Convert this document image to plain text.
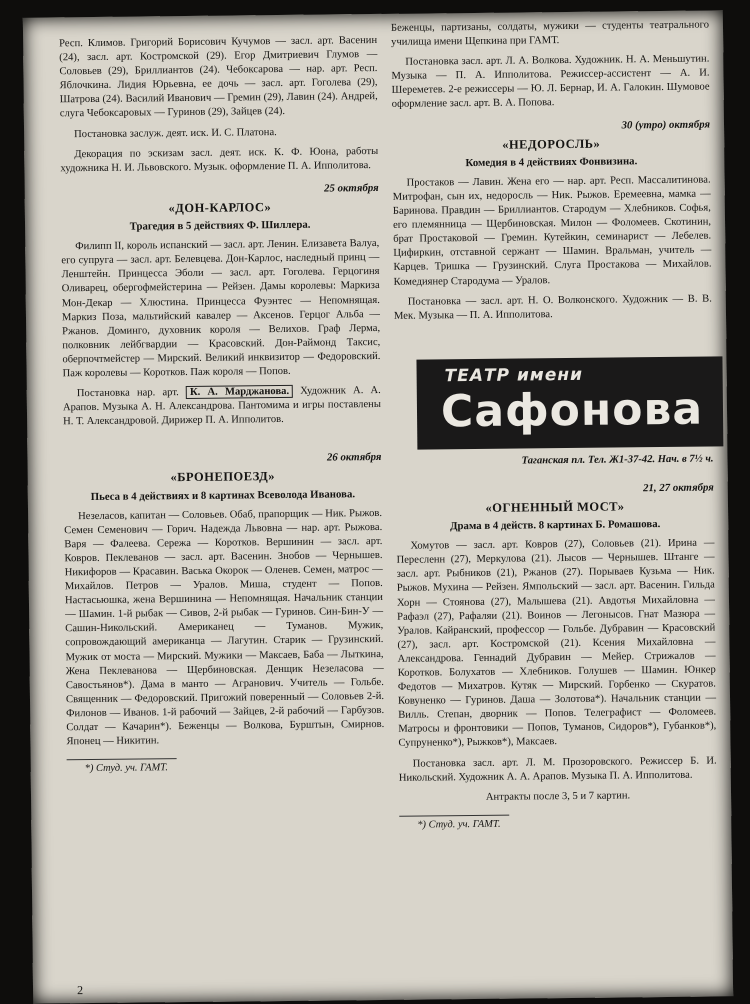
Респ. Климов. Григорий Борисович Кучумов — засл. арт. Васенин (24), засл. арт. Костромской (29). Егор Дмитриевич Глумов — Соловьев (29), Бриллиантов (24). Чебоксарова — нар. арт. Респ. Яблочкина. Лидия Юрьевна, ее дочь — засл. арт. Гоголева (29), Шатрова (24). Василий Иванович — Гремин (29), Лавин (24). Андрей, слуга Чебоксаровых — Гуринов (29), Зайцев (24).

Постановка заслуж. деят. иск. И. С. Платона.

Декорация по эскизам засл. деят. иск. К. Ф. Юона, работы художника Н. И. Львовского. Музык. оформление П. А. Ипполитова.

25 октября
«ДОН-КАРЛОС»
Трагедия в 5 действиях Ф. Шиллера.

Филипп II, король испанский — засл. арт. Ленин. Елизавета Валуа, его супруга — засл. арт. Белевцева. Дон-Карлос, наследный принц — Ленштейн. Принцесса Эболи — засл. арт. Гоголева. Герцогиня Оливарец, обергофмейстерина — Рейзен. Дамы королевы: Маркиза Мон-Декар — Хлюстина. Принцесса Фуэнтес — Непомнящая. Маркиз Поза, мальтийский кавалер — Аксенов. Герцог Альба — Ржанов. Доминго, духовник короля — Велихов. Граф Лерма, полковник лейбгвардии — Красовский. Дон-Раймонд Таксис, оберпочтмейстер — Мирский. Великий инквизитор — Федоровский. Паж королевы — Коротков. Паж короля — Попов.

Постановка нар. арт. К. А. Марджанова. Художник А. А. Арапов. Музыка А. Н. Александрова. Пантомима и игры поставлены Н. Т. Александровой. Дирижер П. А. Ипполитов.

26 октября
«БРОНЕПОЕЗД»
Пьеса в 4 действиях и 8 картинах Всеволода Иванова.

Незеласов, капитан — Соловьев. Обаб, прапорщик — Ник. Рыжов. Семен Семенович — Горич. Надежда Львовна — нар. арт. Рыжова. Варя — Фалеева. Сережа — Коротков. Вершинин — засл. арт. Ковров. Пеклеванов — засл. арт. Васенин. Знобов — Чернышев. Никифоров — Красавин. Васька Окорок — Оленев. Семен, матрос — Михайлов. Петров — Уралов. Миша, студент — Попов. Настасьюшка, жена Вершинина — Непомнящая. Начальник станции — Шамин. 1-й рыбак — Сивов, 2-й рыбак — Гуринов. Син-Бин-У — Сашин-Никольский. Американец — Туманов. Мужик, сопровождающий американца — Лагутин. Старик — Грузинский. Мужик от моста — Мирский. Мужики — Максаев, Баба — Лыткина, Жена Пеклеванова — Щербиновская. Денщик Незеласова — Савостьянов*). Дама в манто — Агранович. Учитель — Гольбе. Священник — Федоровский. Пригожий поверенный — Соловьев 2-й. Филонов — Иванов. 1-й рабочий — Зайцев, 2-й рабочий — Гарбузов. Солдат — Качарин*). Беженцы — Волкова, Бурштын, Смирнов. Японец — Никитин.

*) Студ. уч. ГАМТ.

Беженцы, партизаны, солдаты, мужики — студенты театрального училища имени Щепкина при ГАМТ.

Постановка засл. арт. Л. А. Волкова. Художник. Н. А. Меньшутин. Музыка — П. А. Ипполитова. Режиссер-ассистент — А. И. Шереметев. 2-е режиссеры — Ю. Л. Бернар, И. А. Галокин. Шумовое оформление засл. арт. В. А. Попова.

30 (утро) октября
«НЕДОРОСЛЬ»
Комедия в 4 действиях Фонвизина.

Простаков — Лавин. Жена его — нар. арт. Респ. Массалитинова. Митрофан, сын их, недоросль — Ник. Рыжов. Еремеевна, мамка — Баринова. Правдин — Бриллиантов. Стародум — Хлебников. Софья, его племянница — Щербиновская. Милон — Фоломеев. Скотинин, брат Простаковой — Гремин. Кутейкин, семинарист — Лебелев. Цифиркин, отставной сержант — Шамин. Вральман, учитель — Карцев. Тришка — Грузинский. Слуга Простакова — Михайлов. Комедиянер Стародума — Уралов.

Постановка — засл. арт. Н. О. Волконского. Художник — В. В. Мек. Музыка — П. А. Ипполитова.

ТЕАТР имени
Сафонова
Таганская пл. Тел. Ж1-37-42. Нач. в 7½ ч.
21, 27 октября
«ОГНЕННЫЙ МОСТ»
Драма в 4 действ. 8 картинах Б. Ромашова.

Хомутов — засл. арт. Ковров (27), Соловьев (21). Ирина — Пересленн (27), Меркулова (21). Лысов — Чернышев. Штанге — засл. арт. Рыбников (21), Ржанов (27). Порываев Кузьма — Ник. Рыжов. Мухина — Рейзен. Ямпольский — засл. арт. Васенин. Гильда Хорн — Стоянова (27), Малышева (21). Авдотья Михайловна — Рафаэл (27), Рафаляи (21). Воинов — Легонысов. Гнат Мазюра — Уралов. Кайранский, профессор — Гольбе. Дубравин — Красовский (27), засл. арт. Костромской (21). Ксения Михайловна — Александрова. Геннадий Дубравин — Мейер. Стрижалов — Коротков. Болухатов — Хлебников. Голушев — Шамин. Юнкер Федотов — Михатров. Кутяк — Мирский. Горбенко — Скуратов. Ковуненко — Гуринов. Даша — Золотова*). Начальник станции — Вилль. Степан, дворник — Попов. Телеграфист — Фоломеев. Матросы и фронтовики — Попов, Туманов, Сидоров*), Губанков*), Супруненко*), Рыжков*), Максаев.

Постановка засл. арт. Л. М. Прозоровского. Режиссер Б. И. Никольский. Художник А. А. Арапов. Музыка П. А. Ипполитова.

Антракты после 3, 5 и 7 картин.

*) Студ. уч. ГАМТ.
2
